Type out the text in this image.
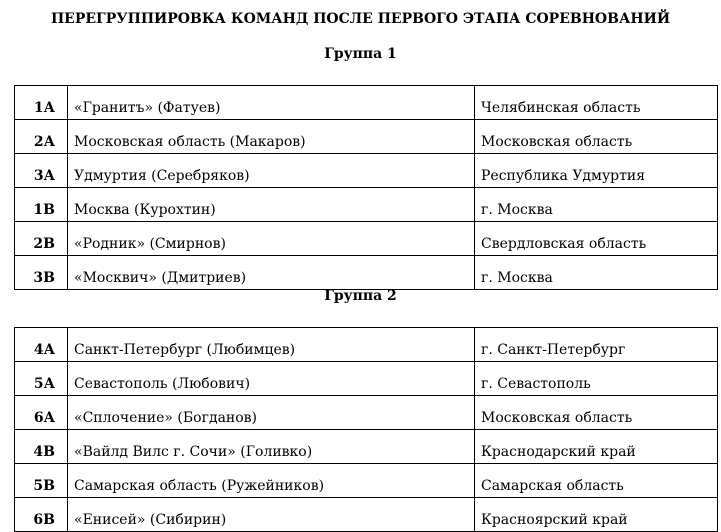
ПЕРЕГРУППИРОВКА КОМАНД ПОСЛЕ ПЕРВОГО ЭТАПА СОРЕВНОВАНИЙ
Группа 1
1А	«Гранитъ» (Фатуев)	Челябинская область
2А	Московская область (Макаров)	Московская область
3А	Удмуртия (Серебряков)	Республика Удмуртия
1В	Москва (Курохтин)	г. Москва
2В	«Родник» (Смирнов)	Свердловская область
3В	«Москвич» (Дмитриев)	г. Москва
Группа 2
4А	Санкт-Петербург (Любимцев)	г. Санкт-Петербург
5А	Севастополь (Любович)	г. Севастополь
6А	«Сплочение» (Богданов)	Московская область
4В	«Вайлд Вилс г. Сочи» (Голивко)	Краснодарский край
5В	Самарская область (Ружейников)	Самарская область
6В	«Енисей» (Сибирин)	Красноярский край
